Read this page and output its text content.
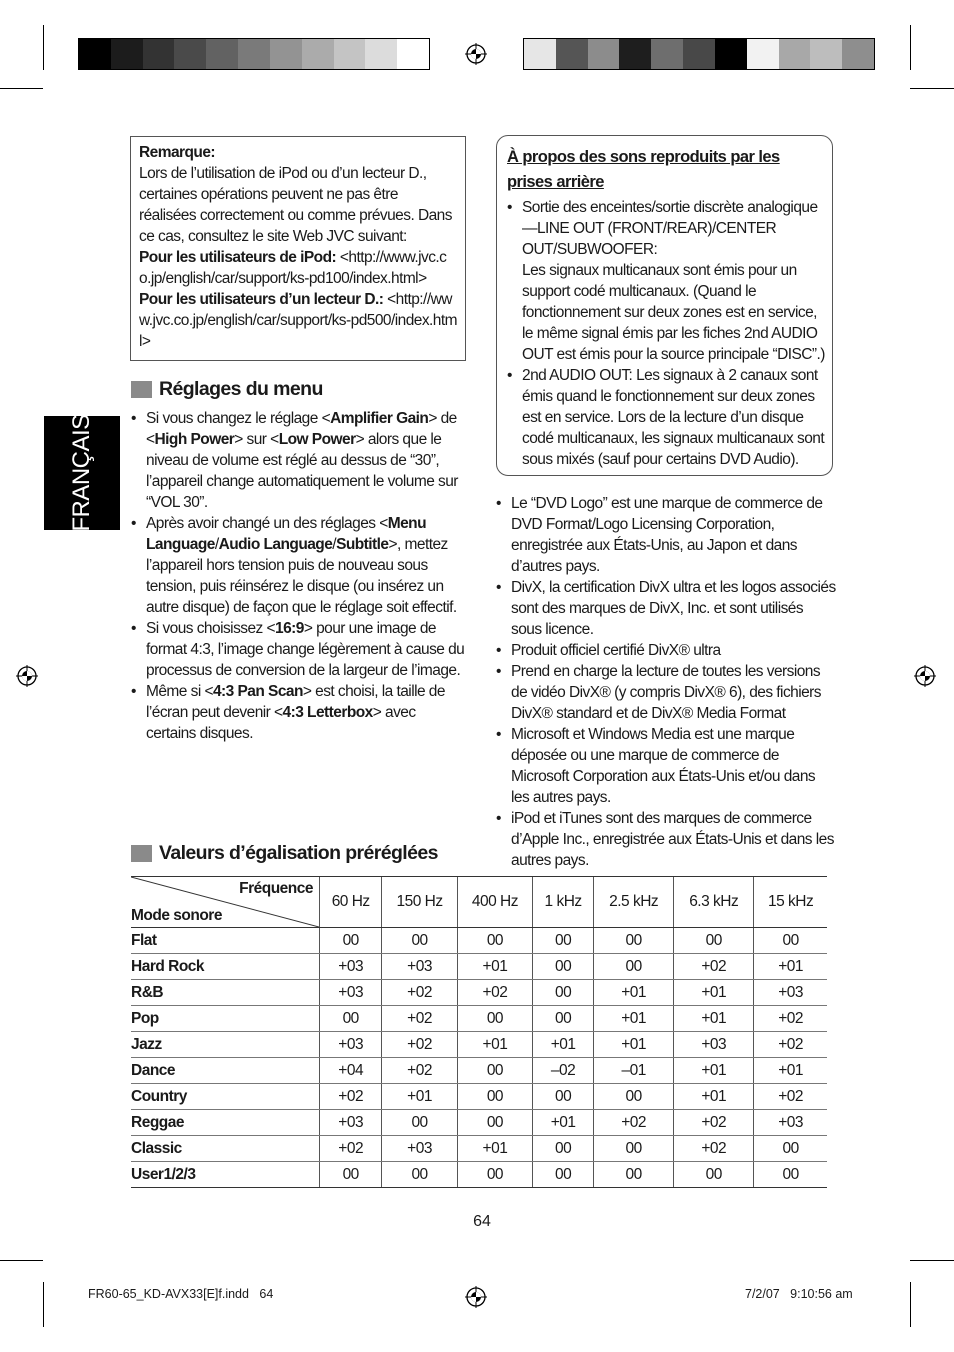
FRANÇAIS

Remarque:

Lors de l’utilisation de iPod ou d’un lecteur D., certaines opérations peuvent ne pas être réalisées correctement ou comme prévues. Dans ce cas, consultez le site Web JVC suivant:

Pour les utilisateurs de iPod: <http://www.jvc.co.jp/english/car/support/ks-pd100/index.html>

Pour les utilisateurs d’un lecteur D.: <http://www.jvc.co.jp/english/car/support/ks-pd500/index.html>

Réglages du menu
• Si vous changez le réglage <Amplifier Gain> de <High Power> sur <Low Power> alors que le niveau de volume est réglé au dessus de “30”, l’appareil change automatiquement le volume sur “VOL 30”.
• Après avoir changé un des réglages <Menu Language/Audio Language/Subtitle>, mettez l’appareil hors tension puis de nouveau sous tension, puis réinsérez le disque (ou insérez un autre disque) de façon que le réglage soit effectif.
• Si vous choisissez <16:9> pour une image de format 4:3, l’image change légèrement à cause du processus de conversion de la largeur de l’image.
• Même si <4:3 Pan Scan> est choisi, la taille de l’écran peut devenir <4:3 Letterbox> avec certains disques.

À propos des sons reproduits par les prises arrière

• Sortie des enceintes/sortie discrète analogique—LINE OUT (FRONT/REAR)/CENTER OUT/SUBWOOFER:

Les signaux multicanaux sont émis pour un support codé multicanaux. (Quand le fonctionnement sur deux zones est en service, le même signal émis par les fiches 2nd AUDIO OUT est émis pour la source principale “DISC”.)

• 2nd AUDIO OUT: Les signaux à 2 canaux sont émis quand le fonctionnement sur deux zones est en service. Lors de la lecture d’un disque codé multicanaux, les signaux multicanaux sont sous mixés (sauf pour certains DVD Audio).

• Le “DVD Logo” est une marque de commerce de DVD Format/Logo Licensing Corporation, enregistrée aux États-Unis, au Japon et dans d’autres pays.
• DivX, la certification DivX ultra et les logos associés sont des marques de DivX, Inc. et sont utilisés sous licence.
• Produit officiel certifié DivX® ultra
• Prend en charge la lecture de toutes les versions de vidéo DivX® (y compris DivX® 6), des fichiers DivX® standard et de DivX® Media Format
• Microsoft et Windows Media est une marque déposée ou une marque de commerce de Microsoft Corporation aux États-Unis et/ou dans les autres pays.
• iPod et iTunes sont des marques de commerce d’Apple Inc., enregistrée aux États-Unis et dans les autres pays.
Valeurs d’égalisation préréglées
Fréquence
Mode sonore	60 Hz	150 Hz	400 Hz	1 kHz	2.5 kHz	6.3 kHz	15 kHz
Flat	00	00	00	00	00	00	00
Hard Rock	+03	+03	+01	00	00	+02	+01
R&B	+03	+02	+02	00	+01	+01	+03
Pop	00	+02	00	00	+01	+01	+02
Jazz	+03	+02	+01	+01	+01	+03	+02
Dance	+04	+02	00	–02	–01	+01	+01
Country	+02	+01	00	00	00	+01	+02
Reggae	+03	00	00	+01	+02	+02	+03
Classic	+02	+03	+01	00	00	+02	00
User1/2/3	00	00	00	00	00	00	00
64
FR60-65_KD-AVX33[E]f.indd   64	7/2/07   9:10:56 am
